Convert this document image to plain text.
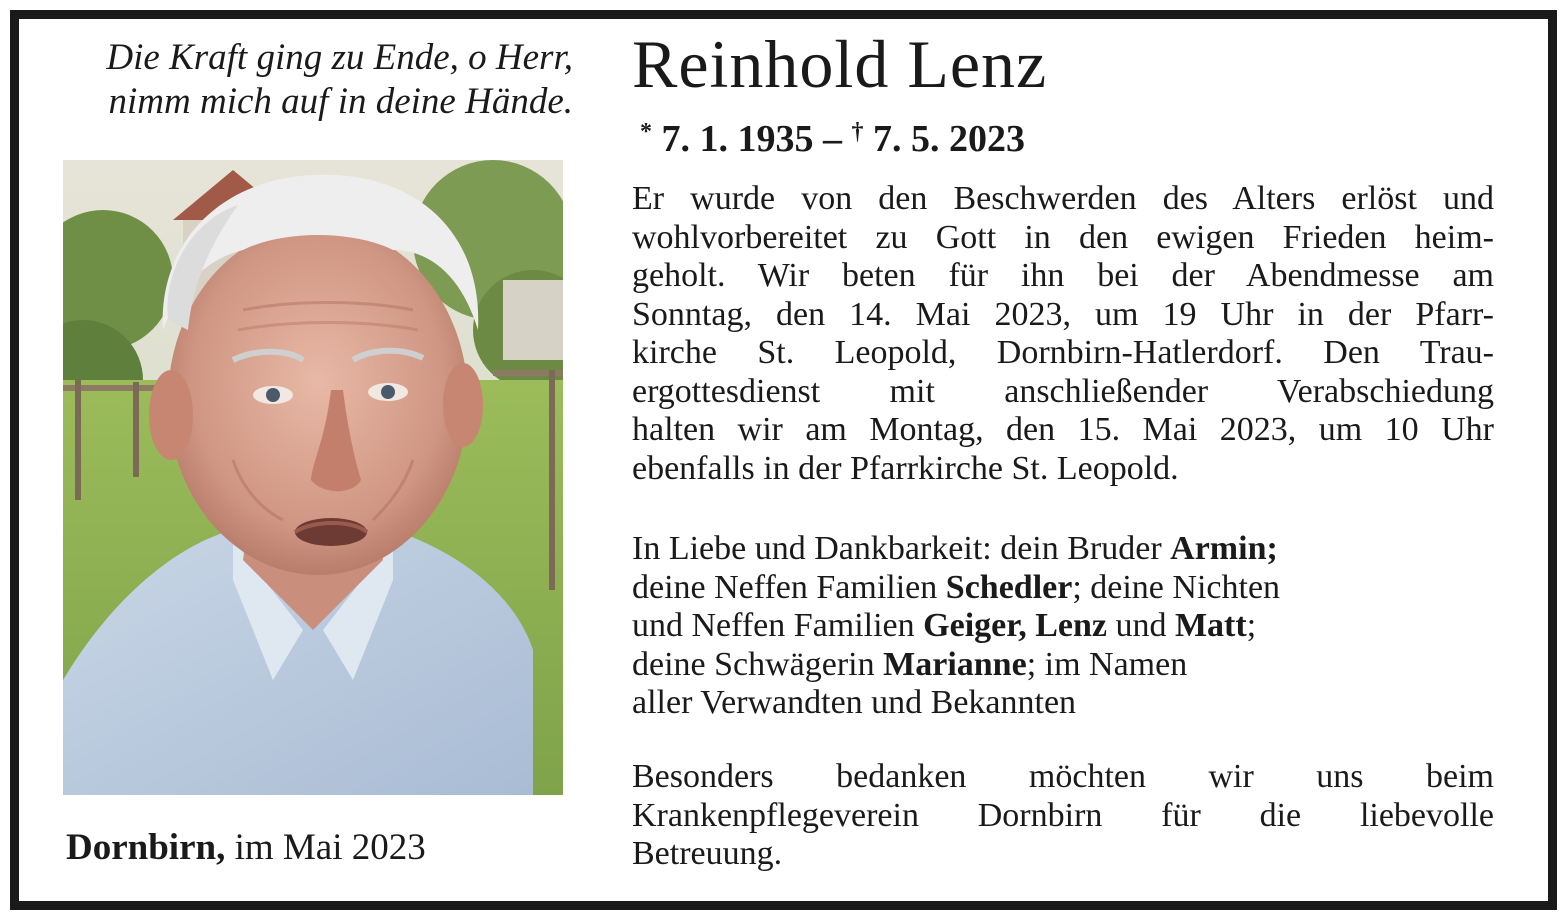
Die Kraft ging zu Ende, o Herr,
nimm mich auf in deine Hände.
Dornbirn, im Mai 2023
Reinhold Lenz
* 7. 1. 1935 – † 7. 5. 2023
Er wurde von den Beschwerden des Alters erlöst und
wohlvorbereitet zu Gott in den ewigen Frieden heim-
geholt. Wir beten für ihn bei der Abendmesse am
Sonntag, den 14. Mai 2023, um 19 Uhr in der Pfarr-
kirche St. Leopold, Dornbirn-Hatlerdorf. Den Trau-
ergottesdienst mit anschließender Verabschiedung
halten wir am Montag, den 15. Mai 2023, um 10 Uhr
ebenfalls in der Pfarrkirche St. Leopold.
In Liebe und Dankbarkeit: dein Bruder Armin;
deine Neffen Familien Schedler; deine Nichten
und Neffen Familien Geiger, Lenz und Matt;
deine Schwägerin Marianne; im Namen
aller Verwandten und Bekannten
Besonders bedanken möchten wir uns beim
Krankenpflegeverein Dornbirn für die liebevolle
Betreuung.
